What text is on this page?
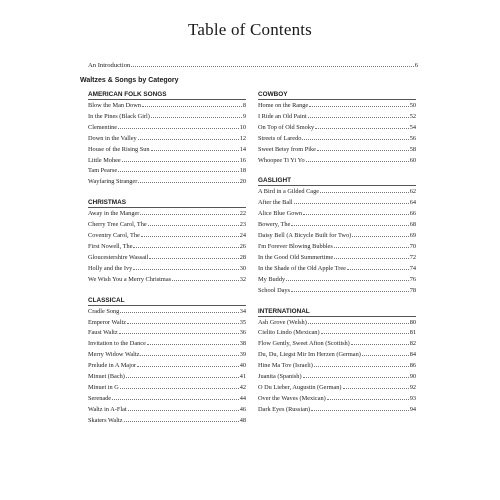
Table of Contents
An Introduction	6
Waltzes & Songs by Category
AMERICAN FOLK SONGS
Blow the Man Down	8
In the Pines (Black Girl)	9
Clementine	10
Down in the Valley	12
House of the Rising Sun	14
Little Mohee	16
Tam Pearse	18
Wayfaring Stranger	20
CHRISTMAS
Away in the Manger	22
Cherry Tree Carol, The	23
Coventry Carol, The	24
First Nowell, The	26
Gloucestershire Wassail	28
Holly and the Ivy	30
We Wish You a Merry Christmas	32
CLASSICAL
Cradle Song	34
Emperor Waltz	35
Faust Waltz	36
Invitation to the Dance	38
Merry Widow Waltz	39
Prelude in A Major	40
Minuet (Bach)	41
Minuet in G	42
Serenade	44
Waltz in A-Flat	46
Skaters Waltz	48
COWBOY
Home on the Range	50
I Ride an Old Paint	52
On Top of Old Smoky	54
Streets of Laredo	56
Sweet Betsy from Pike	58
Whoopee Ti Yi Yo	60
GASLIGHT
A Bird in a Gilded Cage	62
After the Ball	64
Alice Blue Gown	66
Bowery, The	68
Daisy Bell (A Bicycle Built for Two)	69
I'm Forever Blowing Bubbles	70
In the Good Old Summertime	72
In the Shade of the Old Apple Tree	74
My Buddy	76
School Days	78
INTERNATIONAL
Ash Grove (Welsh)	80
Cielito Lindo (Mexican)	81
Flow Gently, Sweet Afton (Scottish)	82
Du, Du, Liegst Mir Im Herzen (German)	84
Hine Ma Tov (Israeli)	86
Juanita (Spanish)	90
O Du Lieber, Augustin (German)	92
Over the Waves (Mexican)	93
Dark Eyes (Russian)	94
